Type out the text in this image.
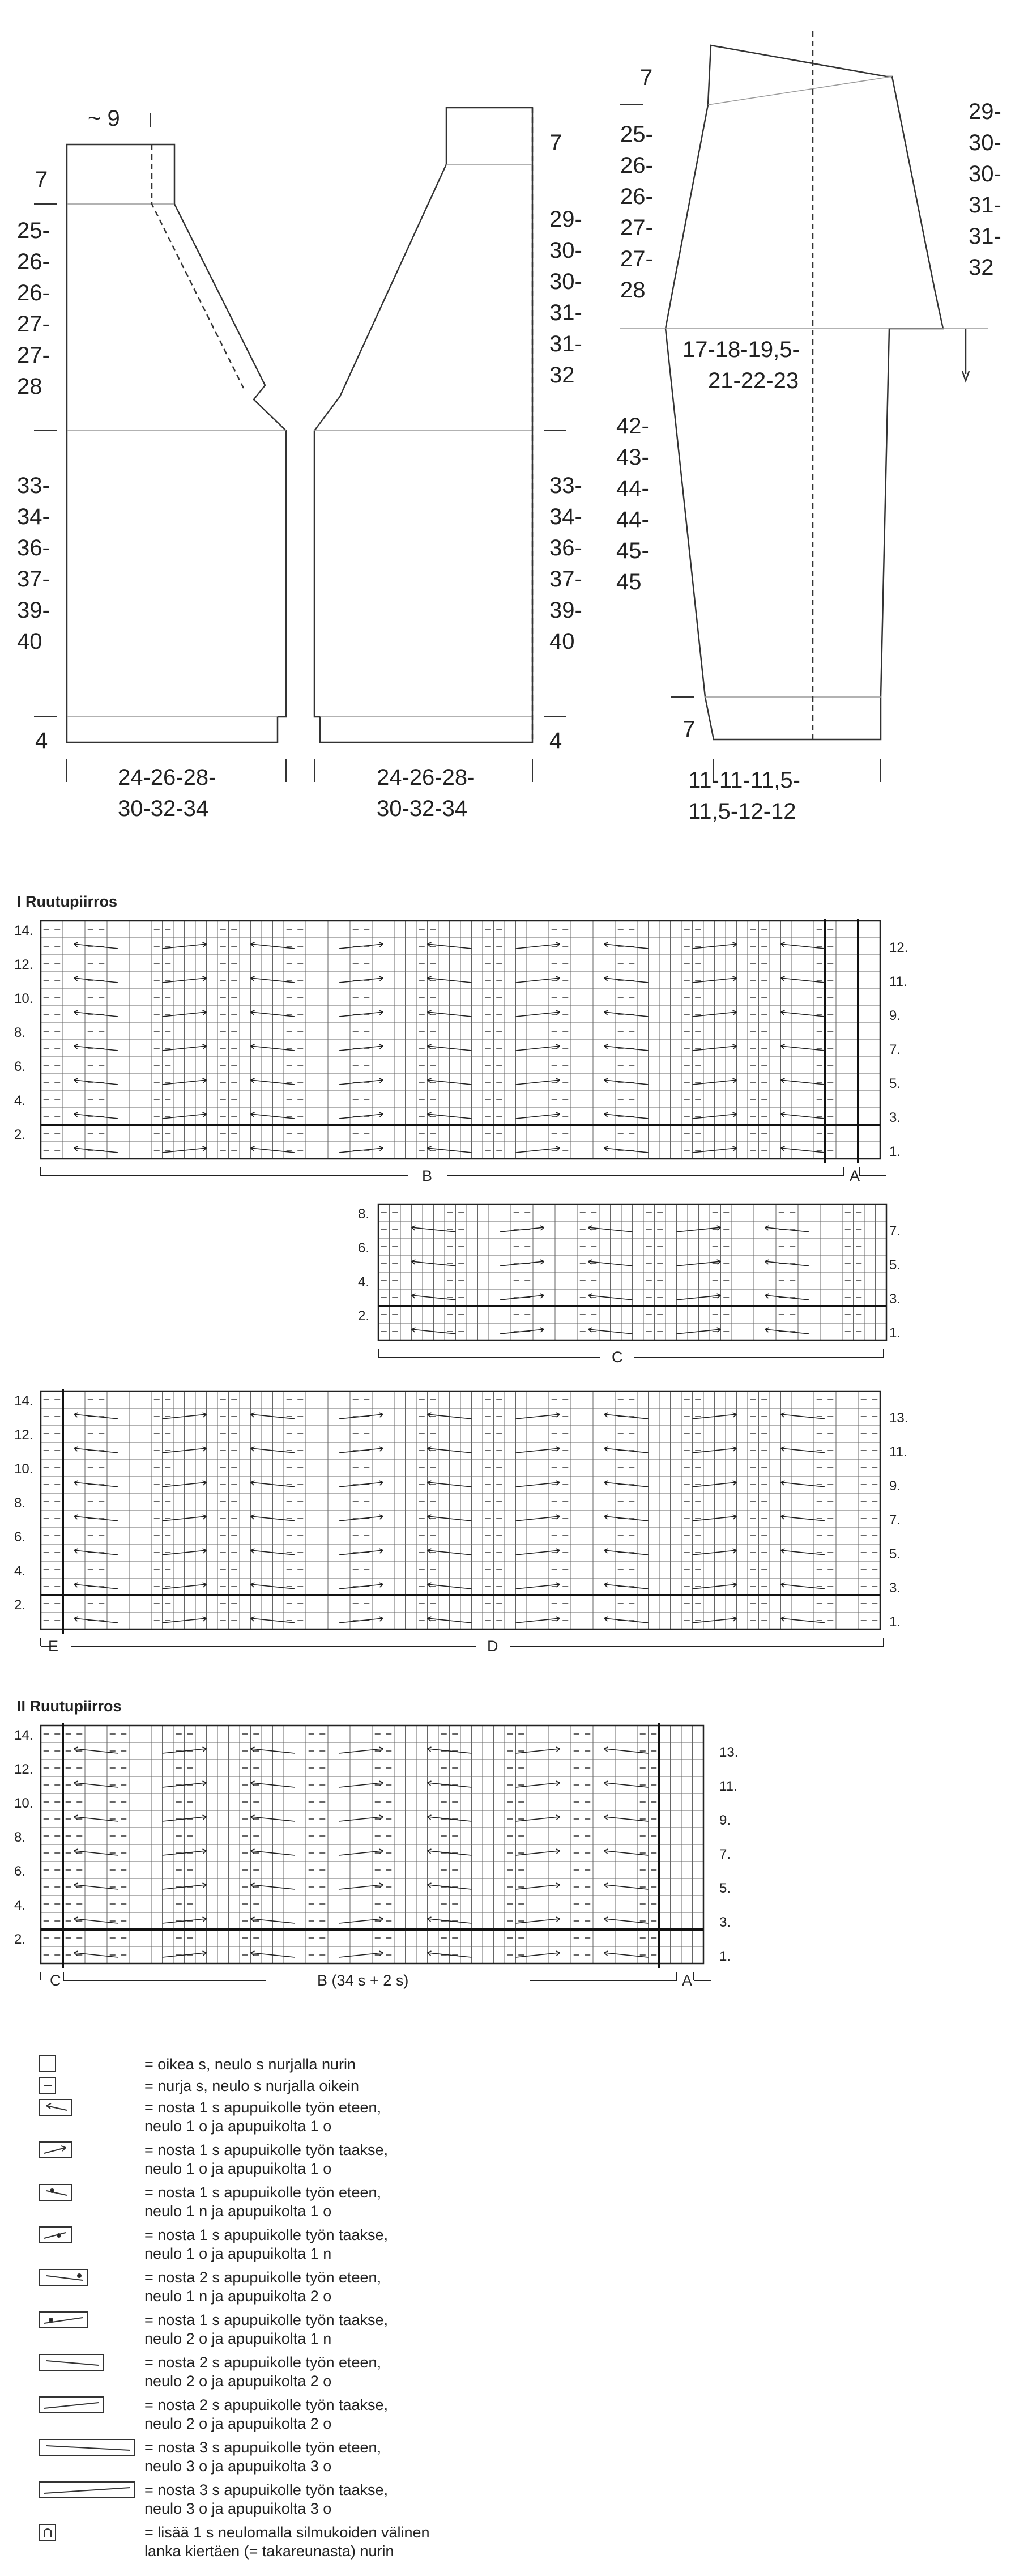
~ 9
7
25-
26-
26-
27-
27-
28
33-
34-
36-
37-
39-
40
4
24-26-28-
30-32-34
7
29-
30-
30-
31-
31-
32
33-
34-
36-
37-
39-
40
4
24-26-28-
30-32-34
7
25-
26-
26-
27-
27-
28
29-
30-
30-
31-
31-
32
17-18-19,5-
21-22-23
42-
43-
44-
44-
45-
45
7
11-11-11,5-
11,5-12-12
I Ruutupiirros
14.
12.
10.
8.
6.
4.
2.
12.
11.
9.
7.
5.
3.
1.
B	A
8.
6.
4.
2.
7.
5.
3.
1.
C
14.
12.
10.
8.
6.
4.
2.
13.
11.
9.
7.
5.
3.
1.
E	D
II Ruutupiirros
14.
12.
10.
8.
6.
4.
2.
13.
11.
9.
7.
5.
3.
1.
C	B (34 s + 2 s)	A
= oikea s, neulo s nurjalla nurin
= nurja s, neulo s nurjalla oikein
= nosta 1 s apupuikolle työn eteen,
neulo 1 o ja apupuikolta 1 o
= nosta 1 s apupuikolle työn taakse,
neulo 1 o ja apupuikolta 1 o
= nosta 1 s apupuikolle työn eteen,
neulo 1 n ja apupuikolta 1 o
= nosta 1 s apupuikolle työn taakse,
neulo 1 o ja apupuikolta 1 n
= nosta 2 s apupuikolle työn eteen,
neulo 1 n ja apupuikolta 2 o
= nosta 1 s apupuikolle työn taakse,
neulo 2 o ja apupuikolta 1 n
= nosta 2 s apupuikolle työn eteen,
neulo 2 o ja apupuikolta 2 o
= nosta 2 s apupuikolle työn taakse,
neulo 2 o ja apupuikolta 2 o
= nosta 3 s apupuikolle työn eteen,
neulo 3 o ja apupuikolta 3 o
= nosta 3 s apupuikolle työn taakse,
neulo 3 o ja apupuikolta 3 o
= lisää 1 s neulomalla silmukoiden välinen
lanka kiertäen (= takareunasta) nurin
